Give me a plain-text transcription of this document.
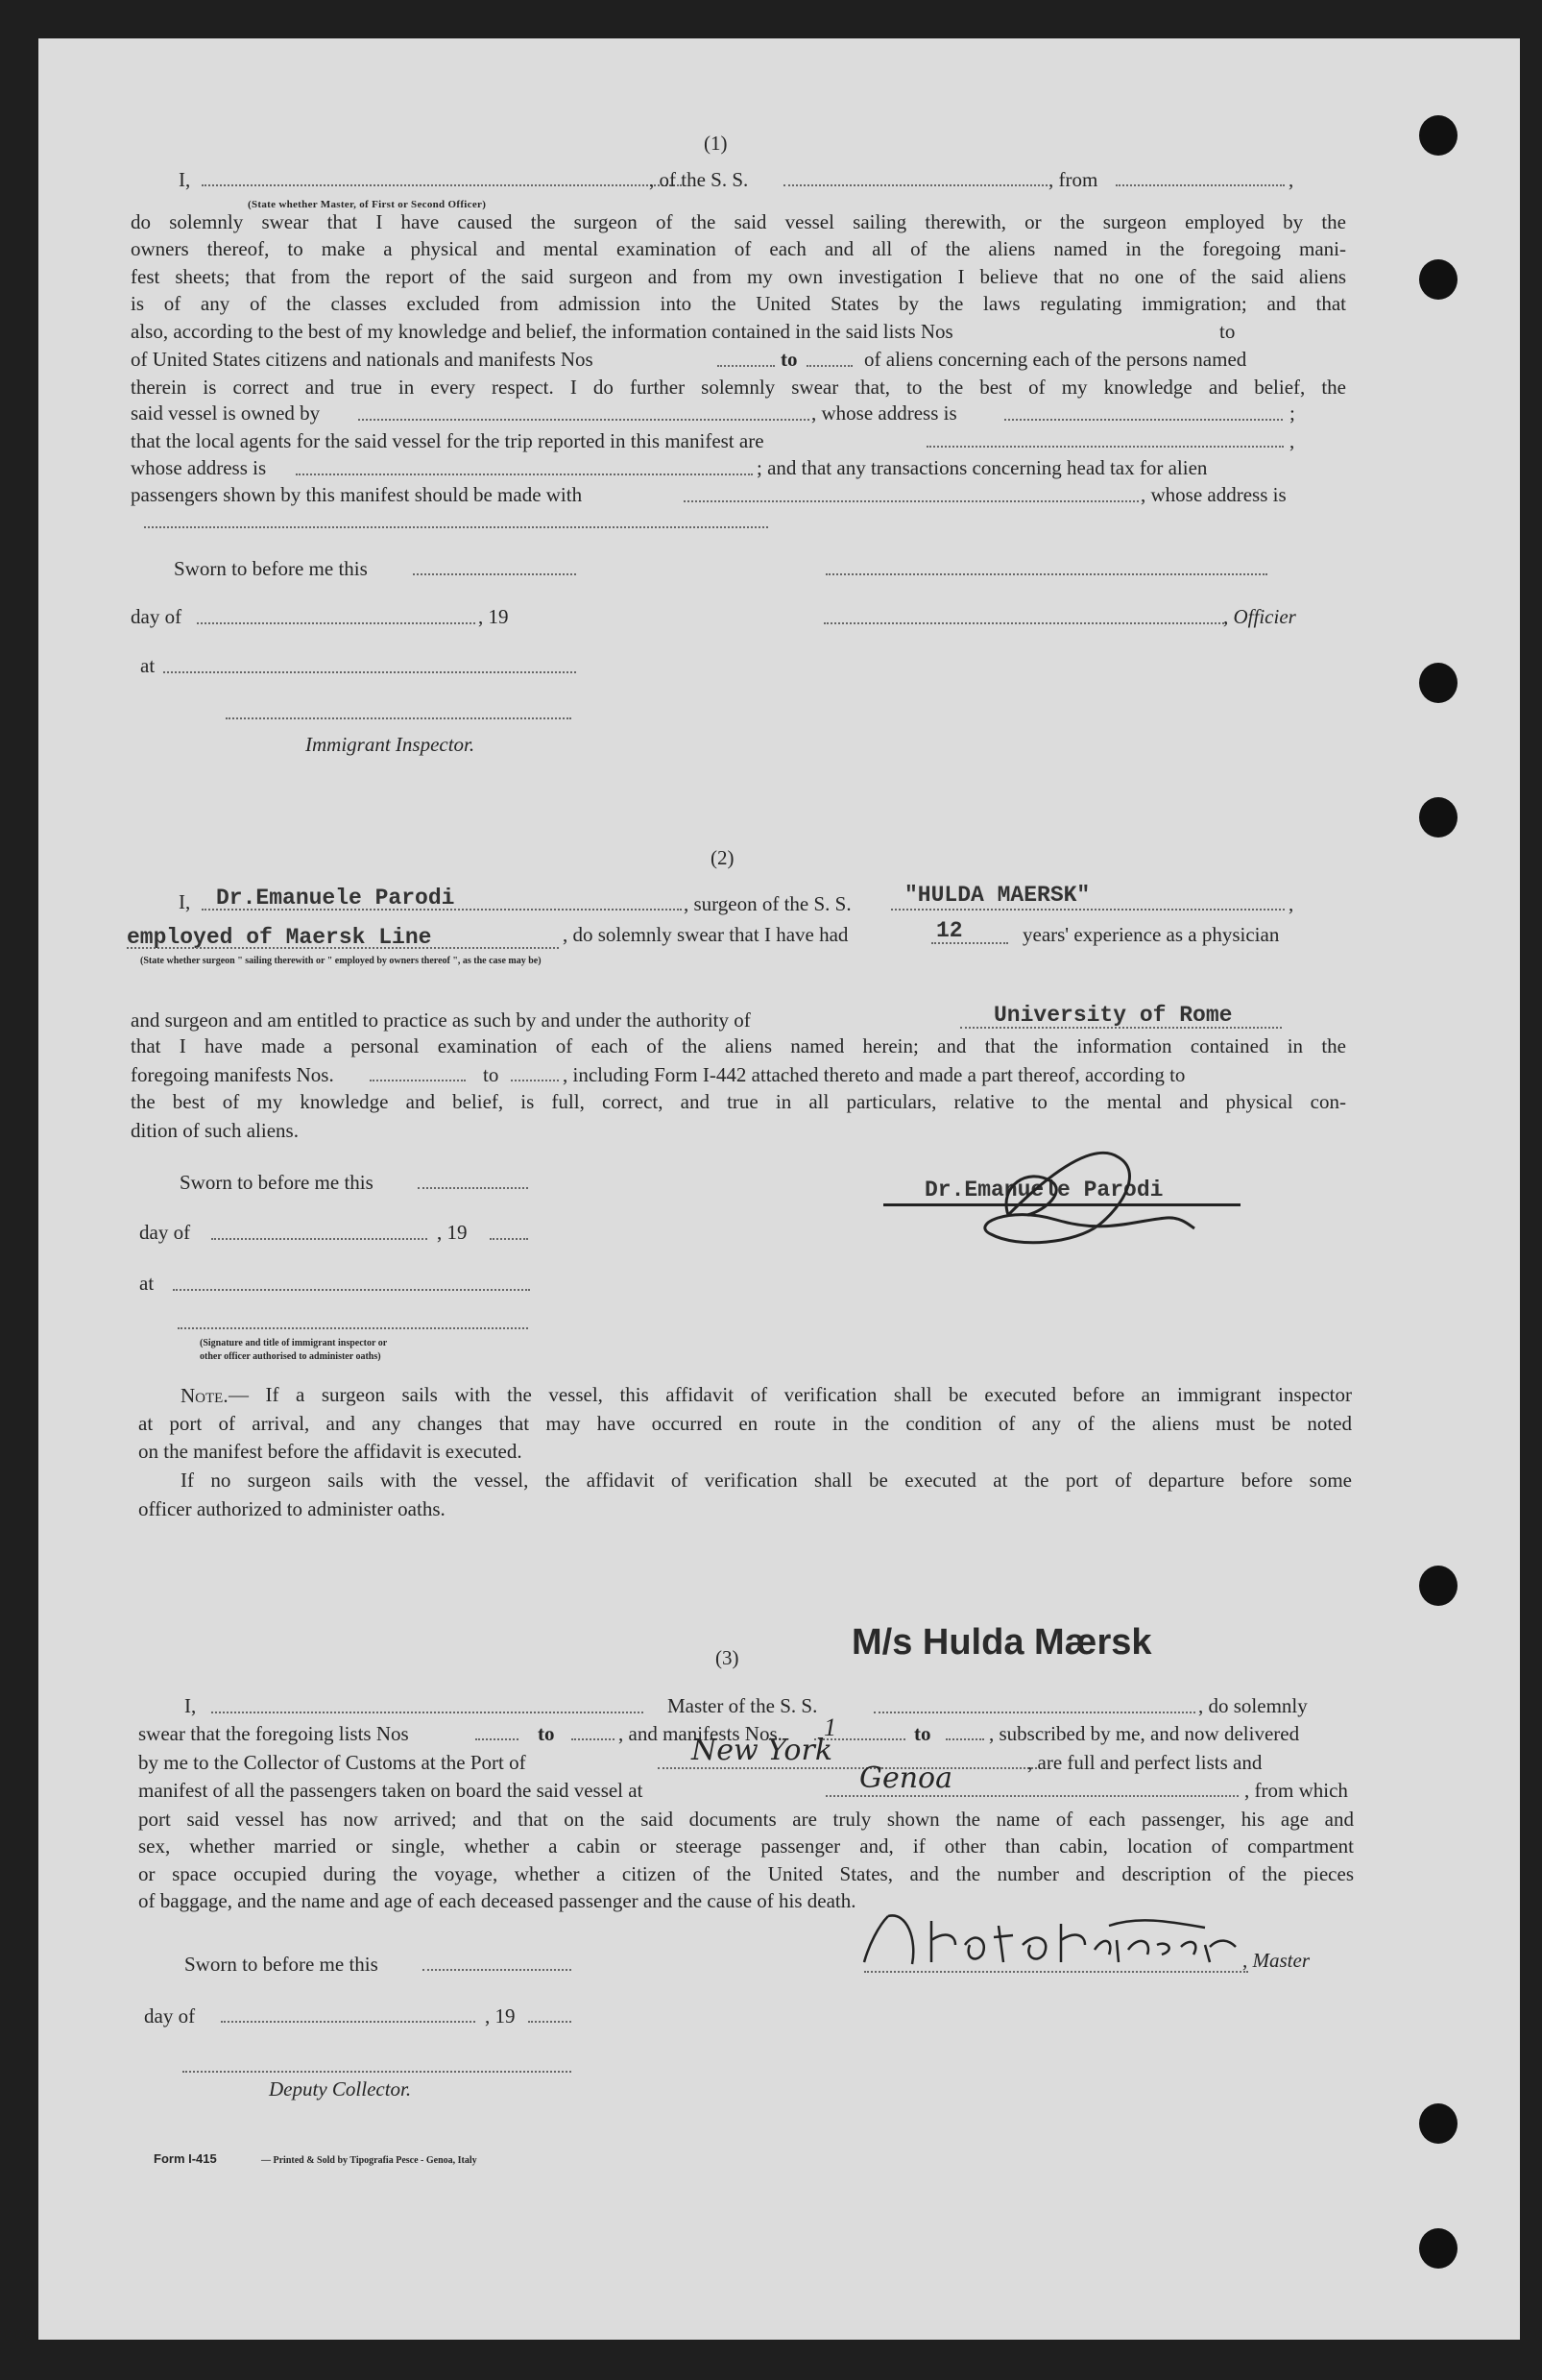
(1)
I,	, of the S. S.	, from	,
(State whether Master, of First or Second Officer)
do solemnly swear that I have caused the surgeon of the said vessel sailing therewith, or the surgeon employed by the
owners thereof, to make a physical and mental examination of each and all of the aliens named in the foregoing mani-
fest sheets; that from the report of the said surgeon and from my own investigation I believe that no one of the said aliens
is of any of the classes excluded from admission into the United States by the laws regulating immigration; and that
also, according to the best of my knowledge and belief, the information contained in the said lists Nos	to
of United States citizens and nationals and manifests Nos	to	of aliens concerning each of the persons named
therein is correct and true in every respect. I do further solemnly swear that, to the best of my knowledge and belief, the
said vessel is owned by	, whose address is	;
that the local agents for the said vessel for the trip reported in this manifest are	,
whose address is	; and that any transactions concerning head tax for alien
passengers shown by this manifest should be made with	, whose address is
Sworn to before me this
day of	, 19	, Officier
at
Immigrant Inspector.
(2)
I, Dr.Emanuele Parodi	, surgeon of the S. S. "HULDA MAERSK"	,
employed of Maersk Line	, do solemnly swear that I have had	12	years' experience as a physician
(State whether surgeon " sailing therewith or " employed by owners thereof ", as the case may be)
and surgeon and am entitled to practice as such by and under the authority of	University of Rome
that I have made a personal examination of each of the aliens named herein; and that the information contained in the
foregoing manifests Nos.	to	, including Form I-442 attached thereto and made a part thereof, according to
the best of my knowledge and belief, is full, correct, and true in all particulars, relative to the mental and physical con-
dition of such aliens.
Sworn to before me this
day of	, 19
at
(Signature and title of immigrant inspector or
other officer authorised to administer oaths)
Dr.Emanuele Parodi
Note. — If a surgeon sails with the vessel, this affidavit of verification shall be executed before an immigrant inspector
at port of arrival, and any changes that may have occurred en route in the condition of any of the aliens must be noted
on the manifest before the affidavit is executed.
If no surgeon sails with the vessel, the affidavit of verification shall be executed at the port of departure before some
officer authorized to administer oaths.
(3)	M/s Hulda Mærsk
I,	Master of the S. S.	, do solemnly
swear that the foregoing lists Nos	to	, and manifests Nos. 1	to	, subscribed by me, and now delivered
by me to the Collector of Customs at the Port of	New York	, are full and perfect lists and
manifest of all the passengers taken on board the said vessel at	Genoa	, from which
port said vessel has now arrived; and that on the said documents are truly shown the name of each passenger, his age and
sex, whether married or single, whether a cabin or steerage passenger and, if other than cabin, location of compartment
or space occupied during the voyage, whether a citizen of the United States, and the number and description of the pieces
of baggage, and the name and age of each deceased passenger and the cause of his death.
Sworn to before me this	, Master
day of	, 19
Deputy Collector.
Form I-415	— Printed & Sold by Tipografia Pesce - Genoa, Italy
